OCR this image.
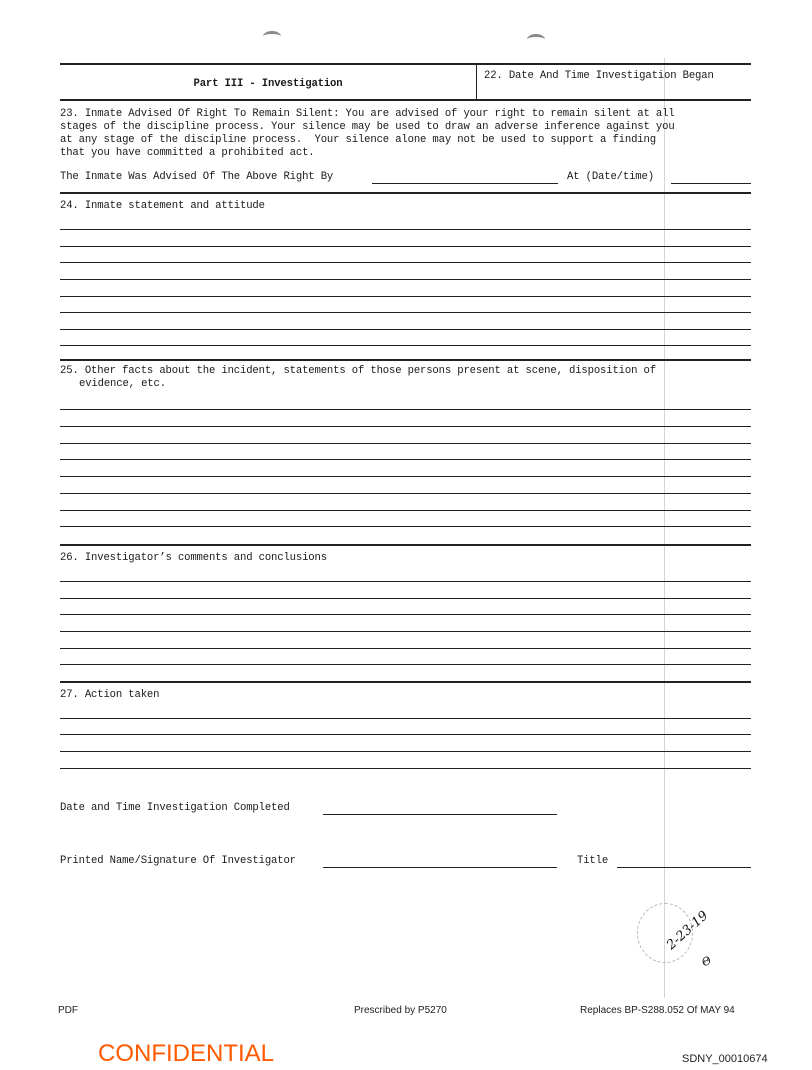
Part III - Investigation
22. Date And Time Investigation Began
23. Inmate Advised Of Right To Remain Silent: You are advised of your right to remain silent at all
stages of the discipline process. Your silence may be used to draw an adverse inference against you
at any stage of the discipline process.  Your silence alone may not be used to support a finding
that you have committed a prohibited act.
The Inmate Was Advised Of The Above Right By	At (Date/time)
24. Inmate statement and attitude
25. Other facts about the incident, statements of those persons present at scene, disposition of
evidence, etc.
26. Investigator’s comments and conclusions
27. Action taken
Date and Time Investigation Completed
Printed Name/Signature Of Investigator	Title
2-23-19
Θ
PDF	Prescribed by P5270	Replaces BP-S288.052 Of MAY 94
CONFIDENTIAL	SDNY_00010674
